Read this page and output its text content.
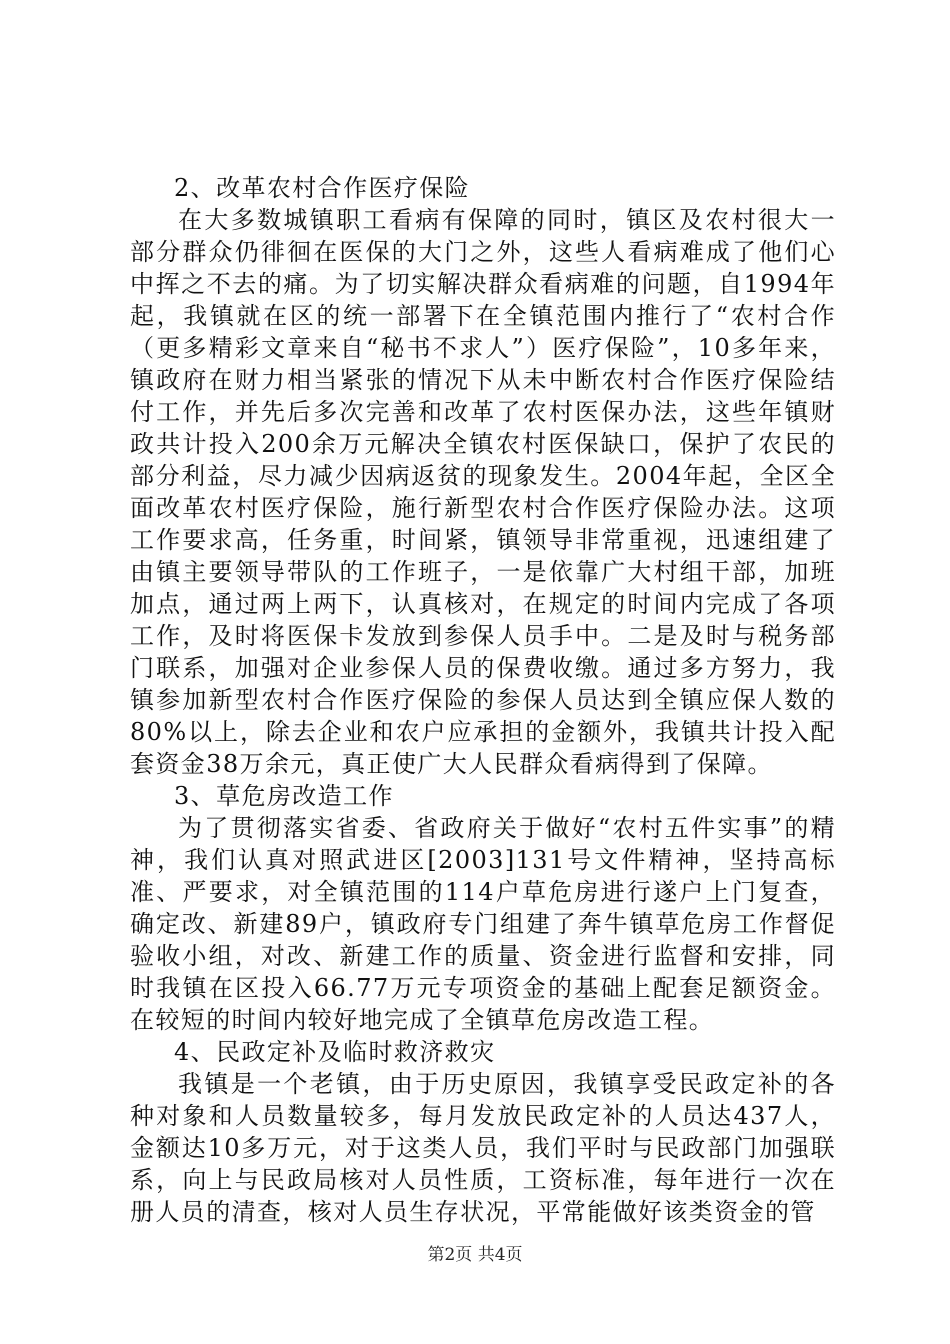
2、改革农村合作医疗保险

在大多数城镇职工看病有保障的同时，镇区及农村很大一部分群众仍徘徊在医保的大门之外，这些人看病难成了他们心中挥之不去的痛。为了切实解决群众看病难的问题，自1994年起，我镇就在区的统一部署下在全镇范围内推行了“农村合作（更多精彩文章来自“秘书不求人”）医疗保险”，10多年来，镇政府在财力相当紧张的情况下从未中断农村合作医疗保险结付工作，并先后多次完善和改革了农村医保办法，这些年镇财政共计投入200余万元解决全镇农村医保缺口，保护了农民的部分利益，尽力减少因病返贫的现象发生。2004年起，全区全面改革农村医疗保险，施行新型农村合作医疗保险办法。这项工作要求高，任务重，时间紧，镇领导非常重视，迅速组建了由镇主要领导带队的工作班子，一是依靠广大村组干部，加班加点，通过两上两下，认真核对，在规定的时间内完成了各项工作，及时将医保卡发放到参保人员手中。二是及时与税务部门联系，加强对企业参保人员的保费收缴。通过多方努力，我镇参加新型农村合作医疗保险的参保人员达到全镇应保人数的80%以上，除去企业和农户应承担的金额外，我镇共计投入配套资金38万余元，真正使广大人民群众看病得到了保障。

3、草危房改造工作

为了贯彻落实省委、省政府关于做好“农村五件实事”的精神，我们认真对照武进区[2003]131号文件精神，坚持高标准、严要求，对全镇范围的114户草危房进行遂户上门复查，确定改、新建89户，镇政府专门组建了奔牛镇草危房工作督促验收小组，对改、新建工作的质量、资金进行监督和安排，同时我镇在区投入66.77万元专项资金的基础上配套足额资金。在较短的时间内较好地完成了全镇草危房改造工程。

4、民政定补及临时救济救灾

我镇是一个老镇，由于历史原因，我镇享受民政定补的各种对象和人员数量较多，每月发放民政定补的人员达437人，金额达10多万元，对于这类人员，我们平时与民政部门加强联系，向上与民政局核对人员性质，工资标准，每年进行一次在册人员的清查，核对人员生存状况，平常能做好该类资金的管

第2页 共4页
